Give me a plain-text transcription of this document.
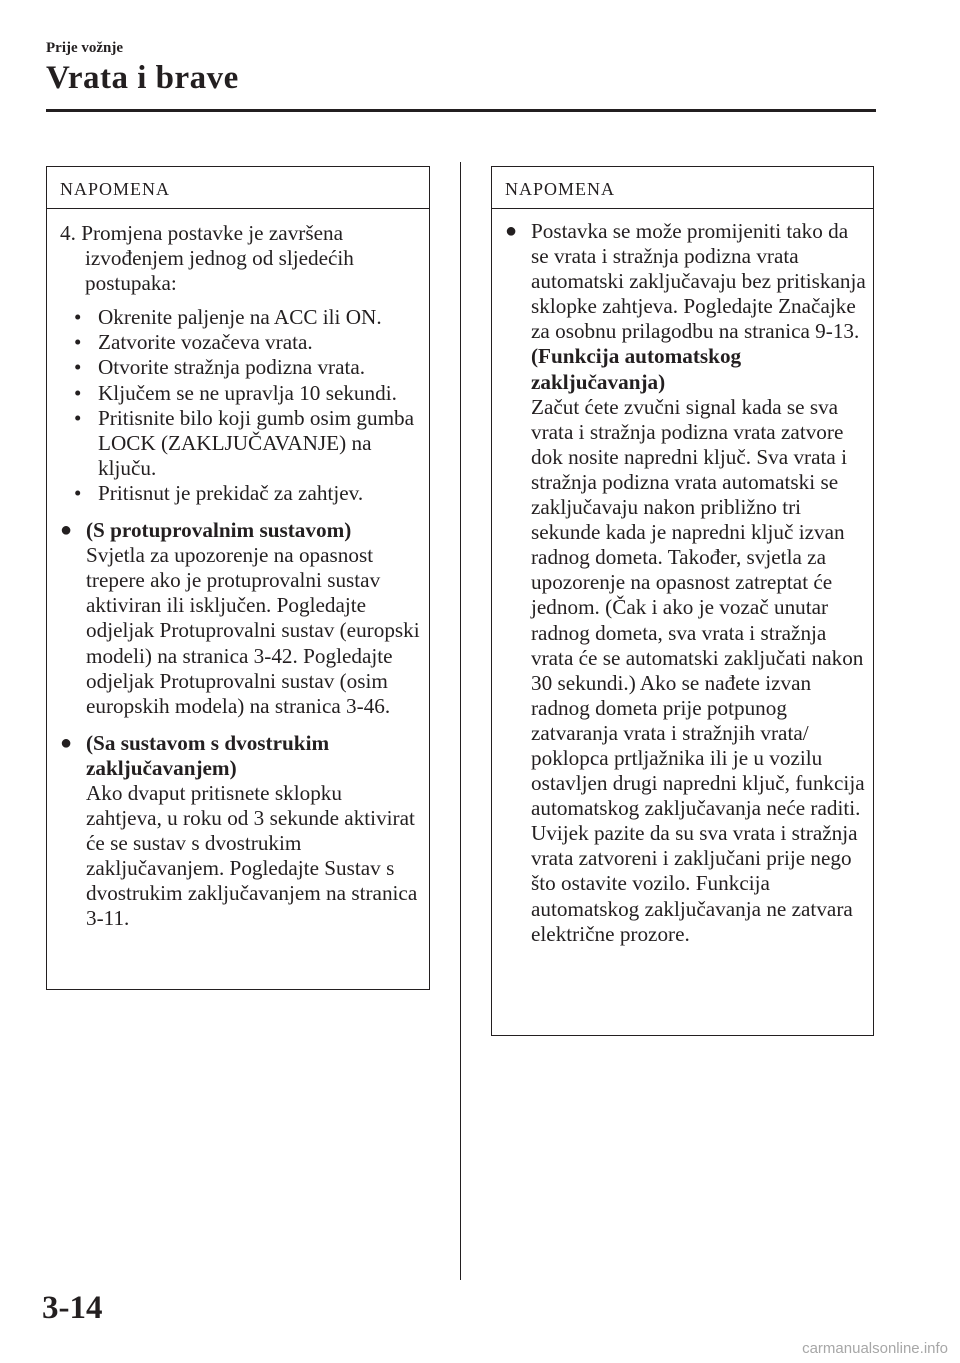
Prije vožnje
Vrata i brave
NAPOMENA

4. Promjena postavke je završena izvođenjem jednog od sljedećih postupaka:

• Okrenite paljenje na ACC ili ON.
• Zatvorite vozačeva vrata.
• Otvorite stražnja podizna vrata.
• Ključem se ne upravlja 10 sekundi.
• Pritisnite bilo koji gumb osim gumba LOCK (ZAKLJUČAVANJE) na ključu.
• Pritisnut je prekidač za zahtjev.
● (S protuprovalnim sustavom)
Svjetla za upozorenje na opasnost trepere ako je protuprovalni sustav aktiviran ili isključen. Pogledajte odjeljak Protuprovalni sustav (europski modeli) na stranica 3-42. Pogledajte odjeljak Protuprovalni sustav (osim europskih modela) na stranica 3-46.
● (Sa sustavom s dvostrukim zaključavanjem)
Ako dvaput pritisnete sklopku zahtjeva, u roku od 3 sekunde aktivirat će se sustav s dvostrukim zaključavanjem. Pogledajte Sustav s dvostrukim zaključavanjem na stranica 3-11.
NAPOMENA
● Postavka se može promijeniti tako da se vrata i stražnja podizna vrata automatski zaključavaju bez pritiskanja sklopke zahtjeva. Pogledajte Značajke za osobnu prilagodbu na stranica 9-13.
(Funkcija automatskog zaključavanja)
Začut ćete zvučni signal kada se sva vrata i stražnja podizna vrata zatvore dok nosite napredni ključ. Sva vrata i stražnja podizna vrata automatski se zaključavaju nakon približno tri sekunde kada je napredni ključ izvan radnog dometa. Također, svjetla za upozorenje na opasnost zatreptat će jednom. (Čak i ako je vozač unutar radnog dometa, sva vrata i stražnja vrata će se automatski zaključati nakon 30 sekundi.) Ako se nađete izvan radnog dometa prije potpunog zatvaranja vrata i stražnjih vrata/ poklopca prtljažnika ili je u vozilu ostavljen drugi napredni ključ, funkcija automatskog zaključavanja neće raditi. Uvijek pazite da su sva vrata i stražnja vrata zatvoreni i zaključani prije nego što ostavite vozilo. Funkcija automatskog zaključavanja ne zatvara električne prozore.
3-14
carmanualsonline.info
